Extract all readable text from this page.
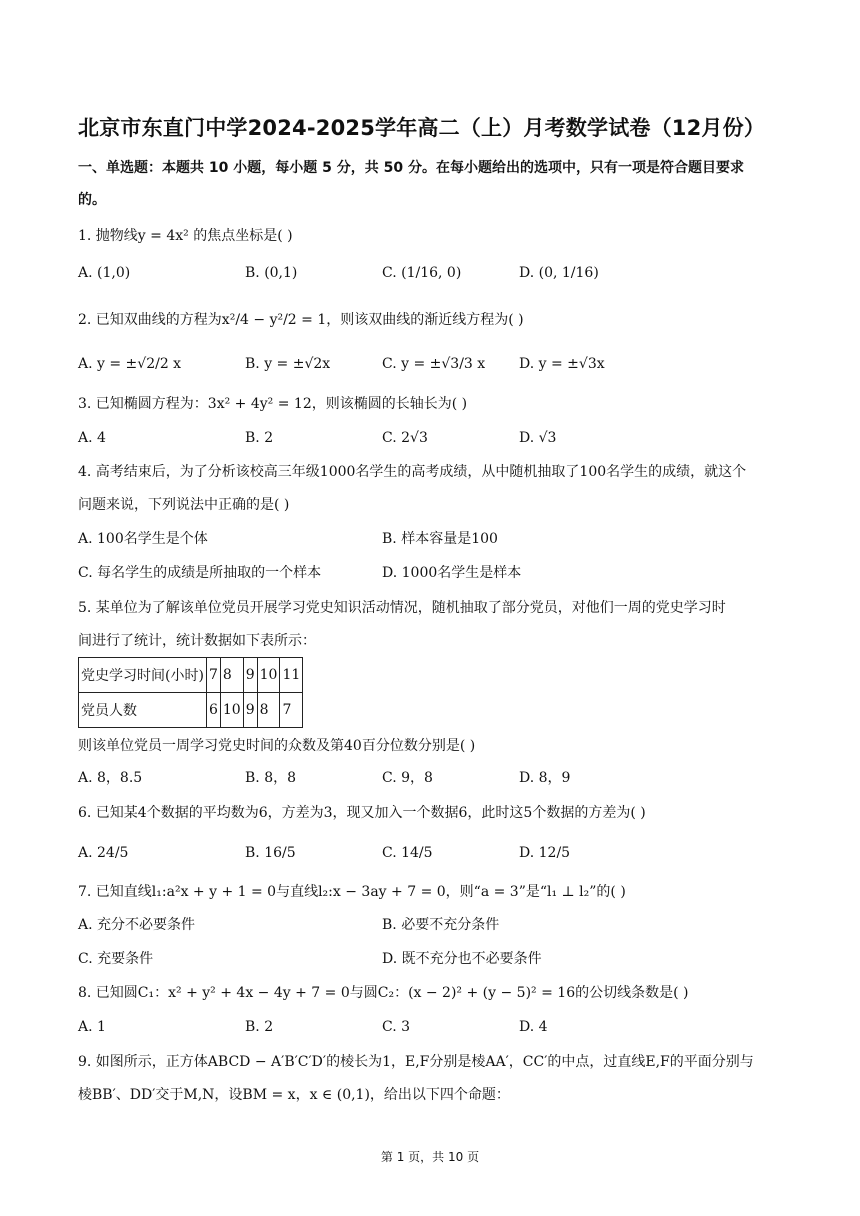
北京市东直门中学2024-2025学年高二（上）月考数学试卷（12月份）
一、单选题：本题共 10 小题，每小题 5 分，共 50 分。在每小题给出的选项中，只有一项是符合题目要求
的。
1. 抛物线y = 4x² 的焦点坐标是( )
A. (1,0)	B. (0,1)	C. (1/16, 0)	D. (0, 1/16)
2. 已知双曲线的方程为x²/4 − y²/2 = 1，则该双曲线的渐近线方程为( )
A. y = ±√2/2 x	B. y = ±√2x	C. y = ±√3/3 x D. y = ±√3x
3. 已知椭圆方程为：3x² + 4y² = 12，则该椭圆的长轴长为( )
A. 4	B. 2	C. 2√3	D. √3
4. 高考结束后，为了分析该校高三年级1000名学生的高考成绩，从中随机抽取了100名学生的成绩，就这个
问题来说，下列说法中正确的是( )
A. 100名学生是个体	B. 样本容量是100
C. 每名学生的成绩是所抽取的一个样本	D. 1000名学生是样本
5. 某单位为了解该单位党员开展学习党史知识活动情况，随机抽取了部分党员，对他们一周的党史学习时
间进行了统计，统计数据如下表所示：
党史学习时间(小时)	7	8	9	10	11
党员人数	6	10	9	8	7
则该单位党员一周学习党史时间的众数及第40百分位数分别是( )
A. 8，8.5	B. 8，8	C. 9，8	D. 8，9
6. 已知某4个数据的平均数为6，方差为3，现又加入一个数据6，此时这5个数据的方差为( )
A. 24/5	B. 16/5	C. 14/5	D. 12/5
7. 已知直线l₁:a²x + y + 1 = 0与直线l₂:x − 3ay + 7 = 0，则“a = 3”是“l₁ ⊥ l₂”的( )
A. 充分不必要条件	B. 必要不充分条件
C. 充要条件	D. 既不充分也不必要条件
8. 已知圆C₁：x² + y² + 4x − 4y + 7 = 0与圆C₂：(x − 2)² + (y − 5)² = 16的公切线条数是( )
A. 1	B. 2	C. 3	D. 4
9. 如图所示，正方体ABCD − A′B′C′D′的棱长为1，E,F分别是棱AA′，CC′的中点，过直线E,F的平面分别与
棱BB′、DD′交于M,N，设BM = x，x ∈ (0,1)，给出以下四个命题：
第 1 页，共 10 页
